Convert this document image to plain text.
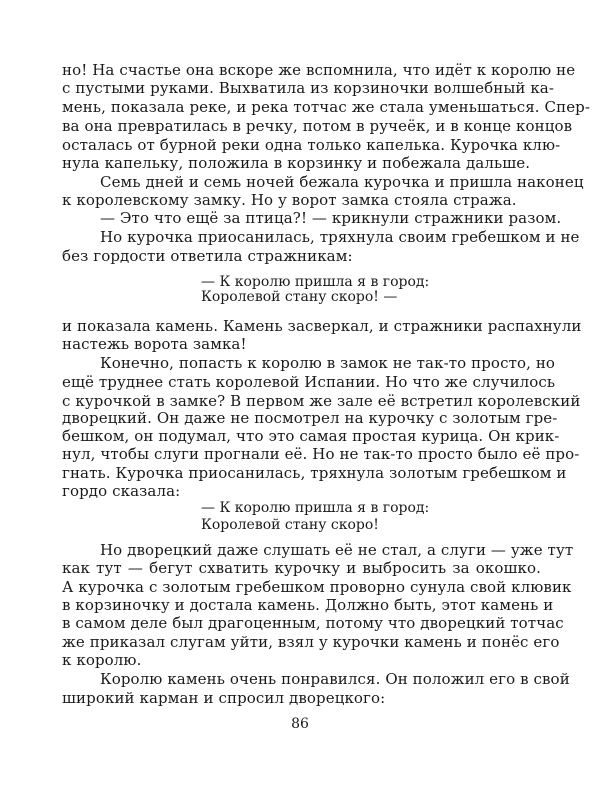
но! На счастье она вскоре же вспомнила, что идёт к королю не
с пустыми руками. Выхватила из корзиночки волшебный ка-
мень, показала реке, и река тотчас же стала уменьшаться. Спер-
ва она превратилась в речку, потом в ручеёк, и в конце концов
осталась от бурной реки одна только капелька. Курочка клю-
нула капельку, положила в корзинку и побежала дальше.
Семь дней и семь ночей бежала курочка и пришла наконец
к королевскому замку. Но у ворот замка стояла стража.
— Это что ещё за птица?! — крикнули стражники разом.
Но курочка приосанилась, тряхнула своим гребешком и не
без гордости ответила стражникам:
— К королю пришла я в город:
Королевой стану скоро! —
и показала камень. Камень засверкал, и стражники распахнули
настежь ворота замка!
Конечно, попасть к королю в замок не так-то просто, но
ещё труднее стать королевой Испании. Но что же случилось
с курочкой в замке? В первом же зале её встретил королевский
дворецкий. Он даже не посмотрел на курочку с золотым гре-
бешком, он подумал, что это самая простая курица. Он крик-
нул, чтобы слуги прогнали её. Но не так-то просто было её про-
гнать. Курочка приосанилась, тряхнула золотым гребешком и
гордо сказала:
— К королю пришла я в город:
Королевой стану скоро!
Но дворецкий даже слушать её не стал, а слуги — уже тут
как тут — бегут схватить курочку и выбросить за окошко.
А курочка с золотым гребешком проворно сунула свой клювик
в корзиночку и достала камень. Должно быть, этот камень и
в самом деле был драгоценным, потому что дворецкий тотчас
же приказал слугам уйти, взял у курочки камень и понёс его
к королю.
Королю камень очень понравился. Он положил его в свой
широкий карман и спросил дворецкого:
86
